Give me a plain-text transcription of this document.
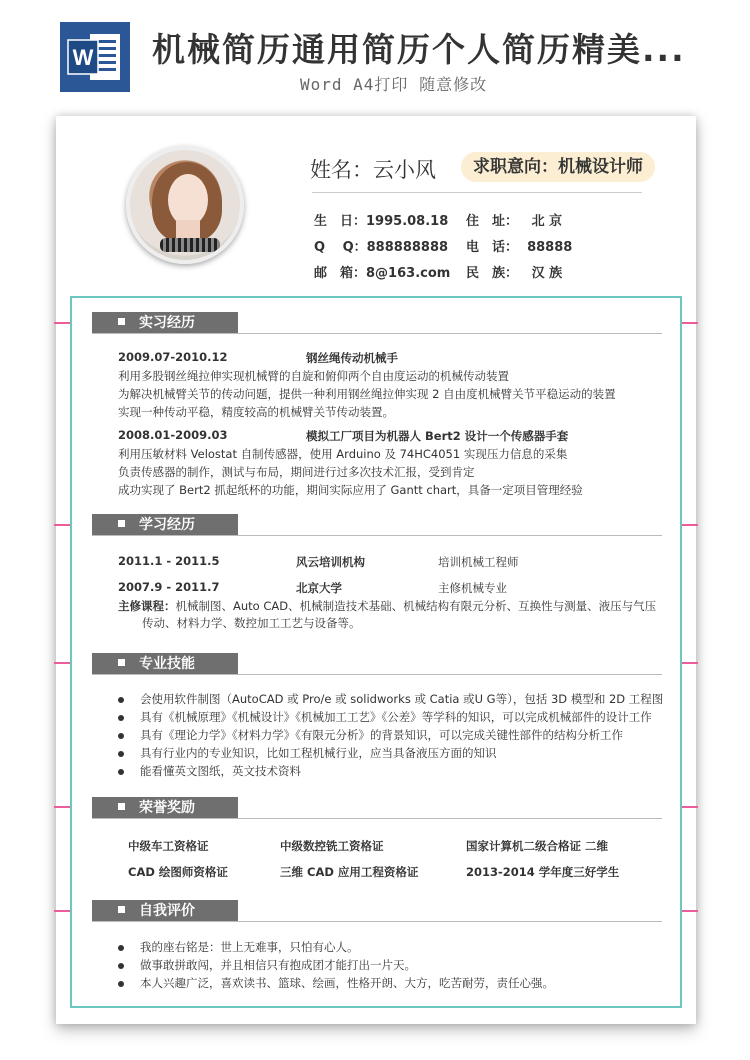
W 机械简历通用简历个人简历精美...
Word A4打印 随意修改
姓名：云小风	求职意向：机械设计师
生　日：1995.08.18 住　址： 北 京
Q　 Q：888888888 电　话： 88888
邮　箱：8@163.com 民　族： 汉 族
实习经历
2009.07-2010.12	钢丝绳传动机械手
利用多股钢丝绳拉伸实现机械臂的自旋和俯仰两个自由度运动的机械传动装置
为解决机械臂关节的传动问题，提供一种利用钢丝绳拉伸实现 2 自由度机械臂关节平稳运动的装置
实现一种传动平稳，精度较高的机械臂关节传动装置。
2008.01-2009.03	模拟工厂项目为机器人 Bert2 设计一个传感器手套
利用压敏材料 Velostat 自制传感器，使用 Arduino 及 74HC4051 实现压力信息的采集
负责传感器的制作，测试与布局，期间进行过多次技术汇报，受到肯定
成功实现了 Bert2 抓起纸杯的功能，期间实际应用了 Gantt chart，具备一定项目管理经验
学习经历
2011.1 - 2011.5	风云培训机构	培训机械工程师
2007.9 - 2011.7	北京大学	主修机械专业
主修课程：机械制图、Auto CAD、机械制造技术基础、机械结构有限元分析、互换性与测量、液压与气压
传动、材料力学、数控加工工艺与设备等。
专业技能
会使用软件制图（AutoCAD 或 Pro/e 或 solidworks 或 Catia 或U G等），包括 3D 模型和 2D 工程图
具有《机械原理》《机械设计》《机械加工工艺》《公差》等学科的知识，可以完成机械部件的设计工作
具有《理论力学》《材料力学》《有限元分析》的背景知识，可以完成关键性部件的结构分析工作
具有行业内的专业知识，比如工程机械行业，应当具备液压方面的知识
能看懂英文图纸，英文技术资料
荣誉奖励
中级车工资格证	中级数控铣工资格证	国家计算机二级合格证 二维
CAD 绘图师资格证	三维 CAD 应用工程资格证	2013-2014 学年度三好学生
自我评价
我的座右铭是：世上无难事，只怕有心人。
做事敢拼敢闯，并且相信只有抱成团才能打出一片天。
本人兴趣广泛，喜欢读书、篮球、绘画，性格开朗、大方，吃苦耐劳，责任心强。
